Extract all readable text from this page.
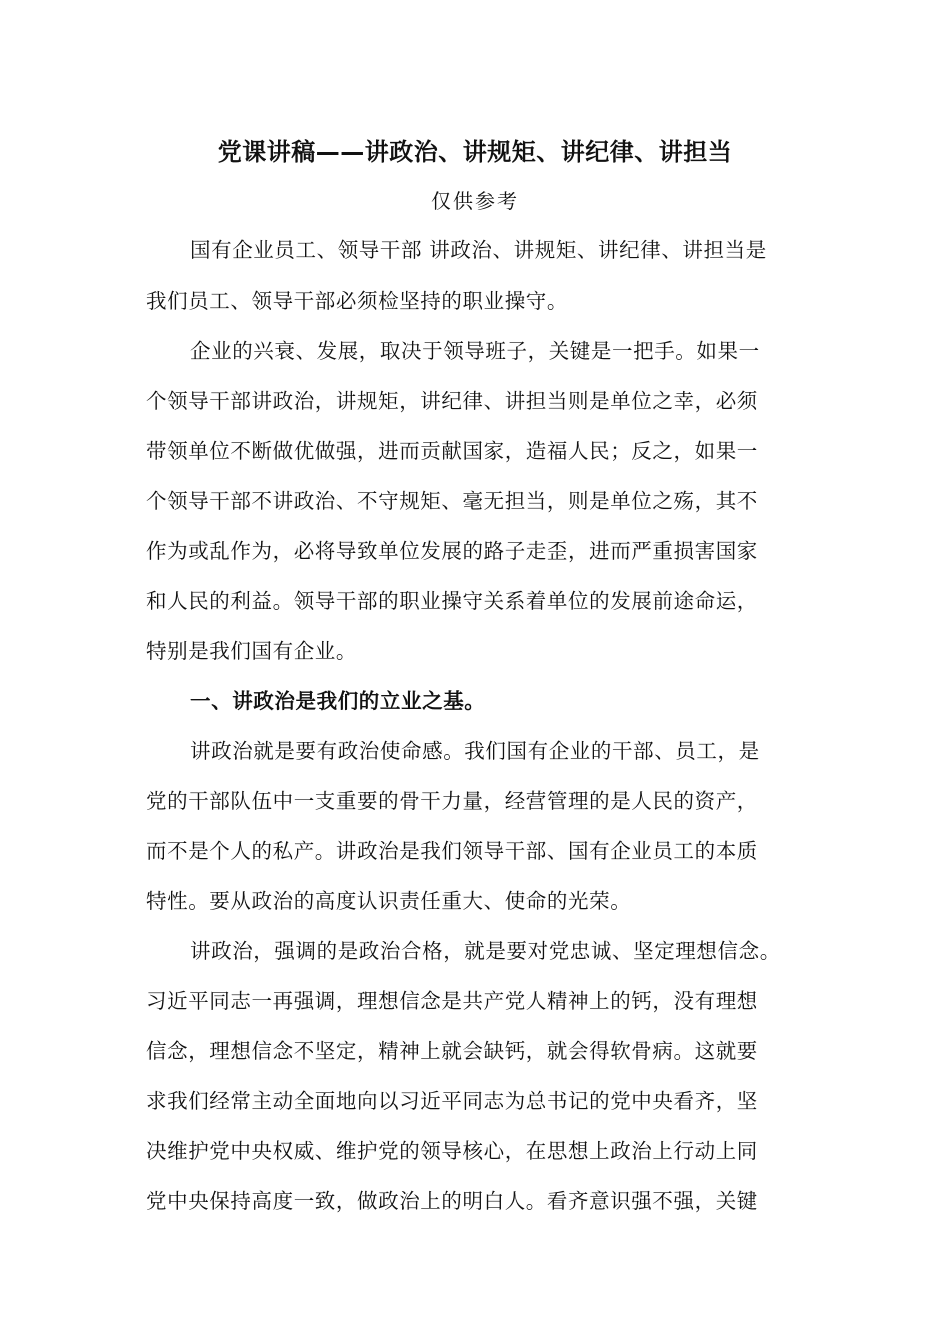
党课讲稿——讲政治、讲规矩、讲纪律、讲担当
仅供参考
国有企业员工、领导干部 讲政治、讲规矩、讲纪律、讲担当是
我们员工、领导干部必须检坚持的职业操守。
企业的兴衰、发展，取决于领导班子，关键是一把手。如果一
个领导干部讲政治，讲规矩，讲纪律、讲担当则是单位之幸，必须
带领单位不断做优做强，进而贡献国家，造福人民；反之，如果一
个领导干部不讲政治、不守规矩、毫无担当，则是单位之殇，其不
作为或乱作为，必将导致单位发展的路子走歪，进而严重损害国家
和人民的利益。领导干部的职业操守关系着单位的发展前途命运，
特别是我们国有企业。
一、讲政治是我们的立业之基。
讲政治就是要有政治使命感。我们国有企业的干部、员工，是
党的干部队伍中一支重要的骨干力量，经营管理的是人民的资产，
而不是个人的私产。讲政治是我们领导干部、国有企业员工的本质
特性。要从政治的高度认识责任重大、使命的光荣。
讲政治，强调的是政治合格，就是要对党忠诚、坚定理想信念。
习近平同志一再强调，理想信念是共产党人精神上的钙，没有理想
信念，理想信念不坚定，精神上就会缺钙，就会得软骨病。这就要
求我们经常主动全面地向以习近平同志为总书记的党中央看齐，坚
决维护党中央权威、维护党的领导核心，在思想上政治上行动上同
党中央保持高度一致，做政治上的明白人。看齐意识强不强，关键
